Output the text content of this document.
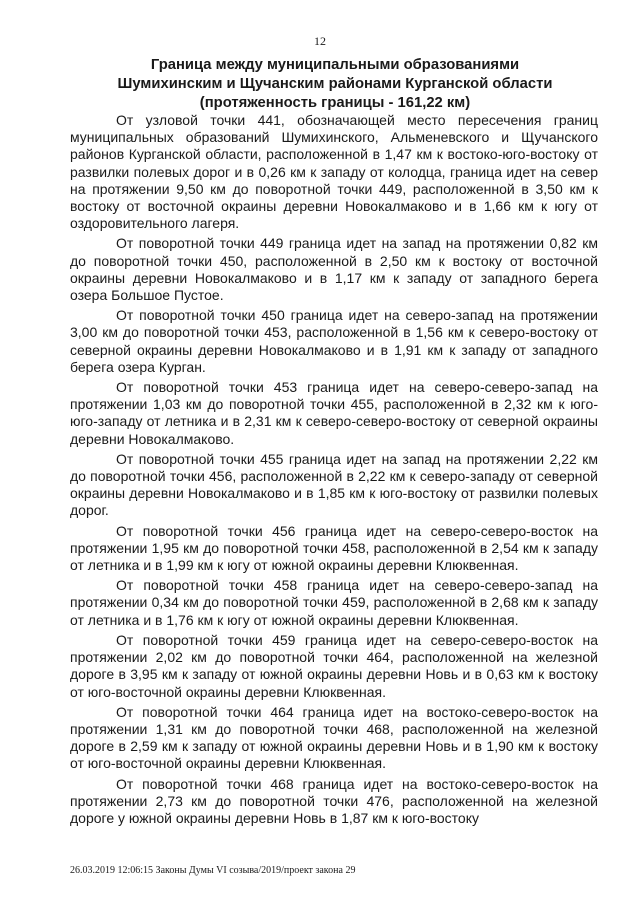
12
Граница между муниципальными образованиями
Шумихинским и Щучанским районами Курганской области
(протяженность границы - 161,22 км)

От узловой точки 441, обозначающей место пересечения границ муниципальных образований Шумихинского, Альменевского и Щучанского районов Курганской области, расположенной в 1,47 км к востоко-юго-востоку от развилки полевых дорог и в 0,26 км к западу от колодца, граница идет на север на протяжении 9,50 км до поворотной точки 449, расположенной в 3,50 км к востоку от восточной окраины деревни Новокалмаково и в 1,66 км к югу от оздоровительного лагеря.

От поворотной точки 449 граница идет на запад на протяжении 0,82 км до поворотной точки 450, расположенной в 2,50 км к востоку от восточной окраины деревни Новокалмаково и в 1,17 км к западу от западного берега озера Большое Пустое.

От поворотной точки 450 граница идет на северо-запад на протяжении 3,00 км до поворотной точки 453, расположенной в 1,56 км к северо-востоку от северной окраины деревни Новокалмаково и в 1,91 км к западу от западного берега озера Курган.

От поворотной точки 453 граница идет на северо-северо-запад на протяжении 1,03 км до поворотной точки 455, расположенной в 2,32 км к юго-юго-западу от летника и в 2,31 км к северо-северо-востоку от северной окраины деревни Новокалмаково.

От поворотной точки 455 граница идет на запад на протяжении 2,22 км до поворотной точки 456, расположенной в 2,22 км к северо-западу от северной окраины деревни Новокалмаково и в 1,85 км к юго-востоку от развилки полевых дорог.

От поворотной точки 456 граница идет на северо-северо-восток на протяжении 1,95 км до поворотной точки 458, расположенной в 2,54 км к западу от летника и в 1,99 км к югу от южной окраины деревни Клюквенная.

От поворотной точки 458 граница идет на северо-северо-запад на протяжении 0,34 км до поворотной точки 459, расположенной в 2,68 км к западу от летника и в 1,76 км к югу от южной окраины деревни Клюквенная.

От поворотной точки 459 граница идет на северо-северо-восток на протяжении 2,02 км до поворотной точки 464, расположенной на железной дороге в 3,95 км к западу от южной окраины деревни Новь и в 0,63 км к востоку от юго-восточной окраины деревни Клюквенная.

От поворотной точки 464 граница идет на востоко-северо-восток на протяжении 1,31 км до поворотной точки 468, расположенной на железной дороге в 2,59 км к западу от южной окраины деревни Новь и в 1,90 км к востоку от юго-восточной окраины деревни Клюквенная.

От поворотной точки 468 граница идет на востоко-северо-восток на протяжении 2,73 км до поворотной точки 476, расположенной на железной дороге у южной окраины деревни Новь в 1,87 км к юго-востоку

26.03.2019 12:06:15 Законы Думы VI созыва/2019/проект закона 29
